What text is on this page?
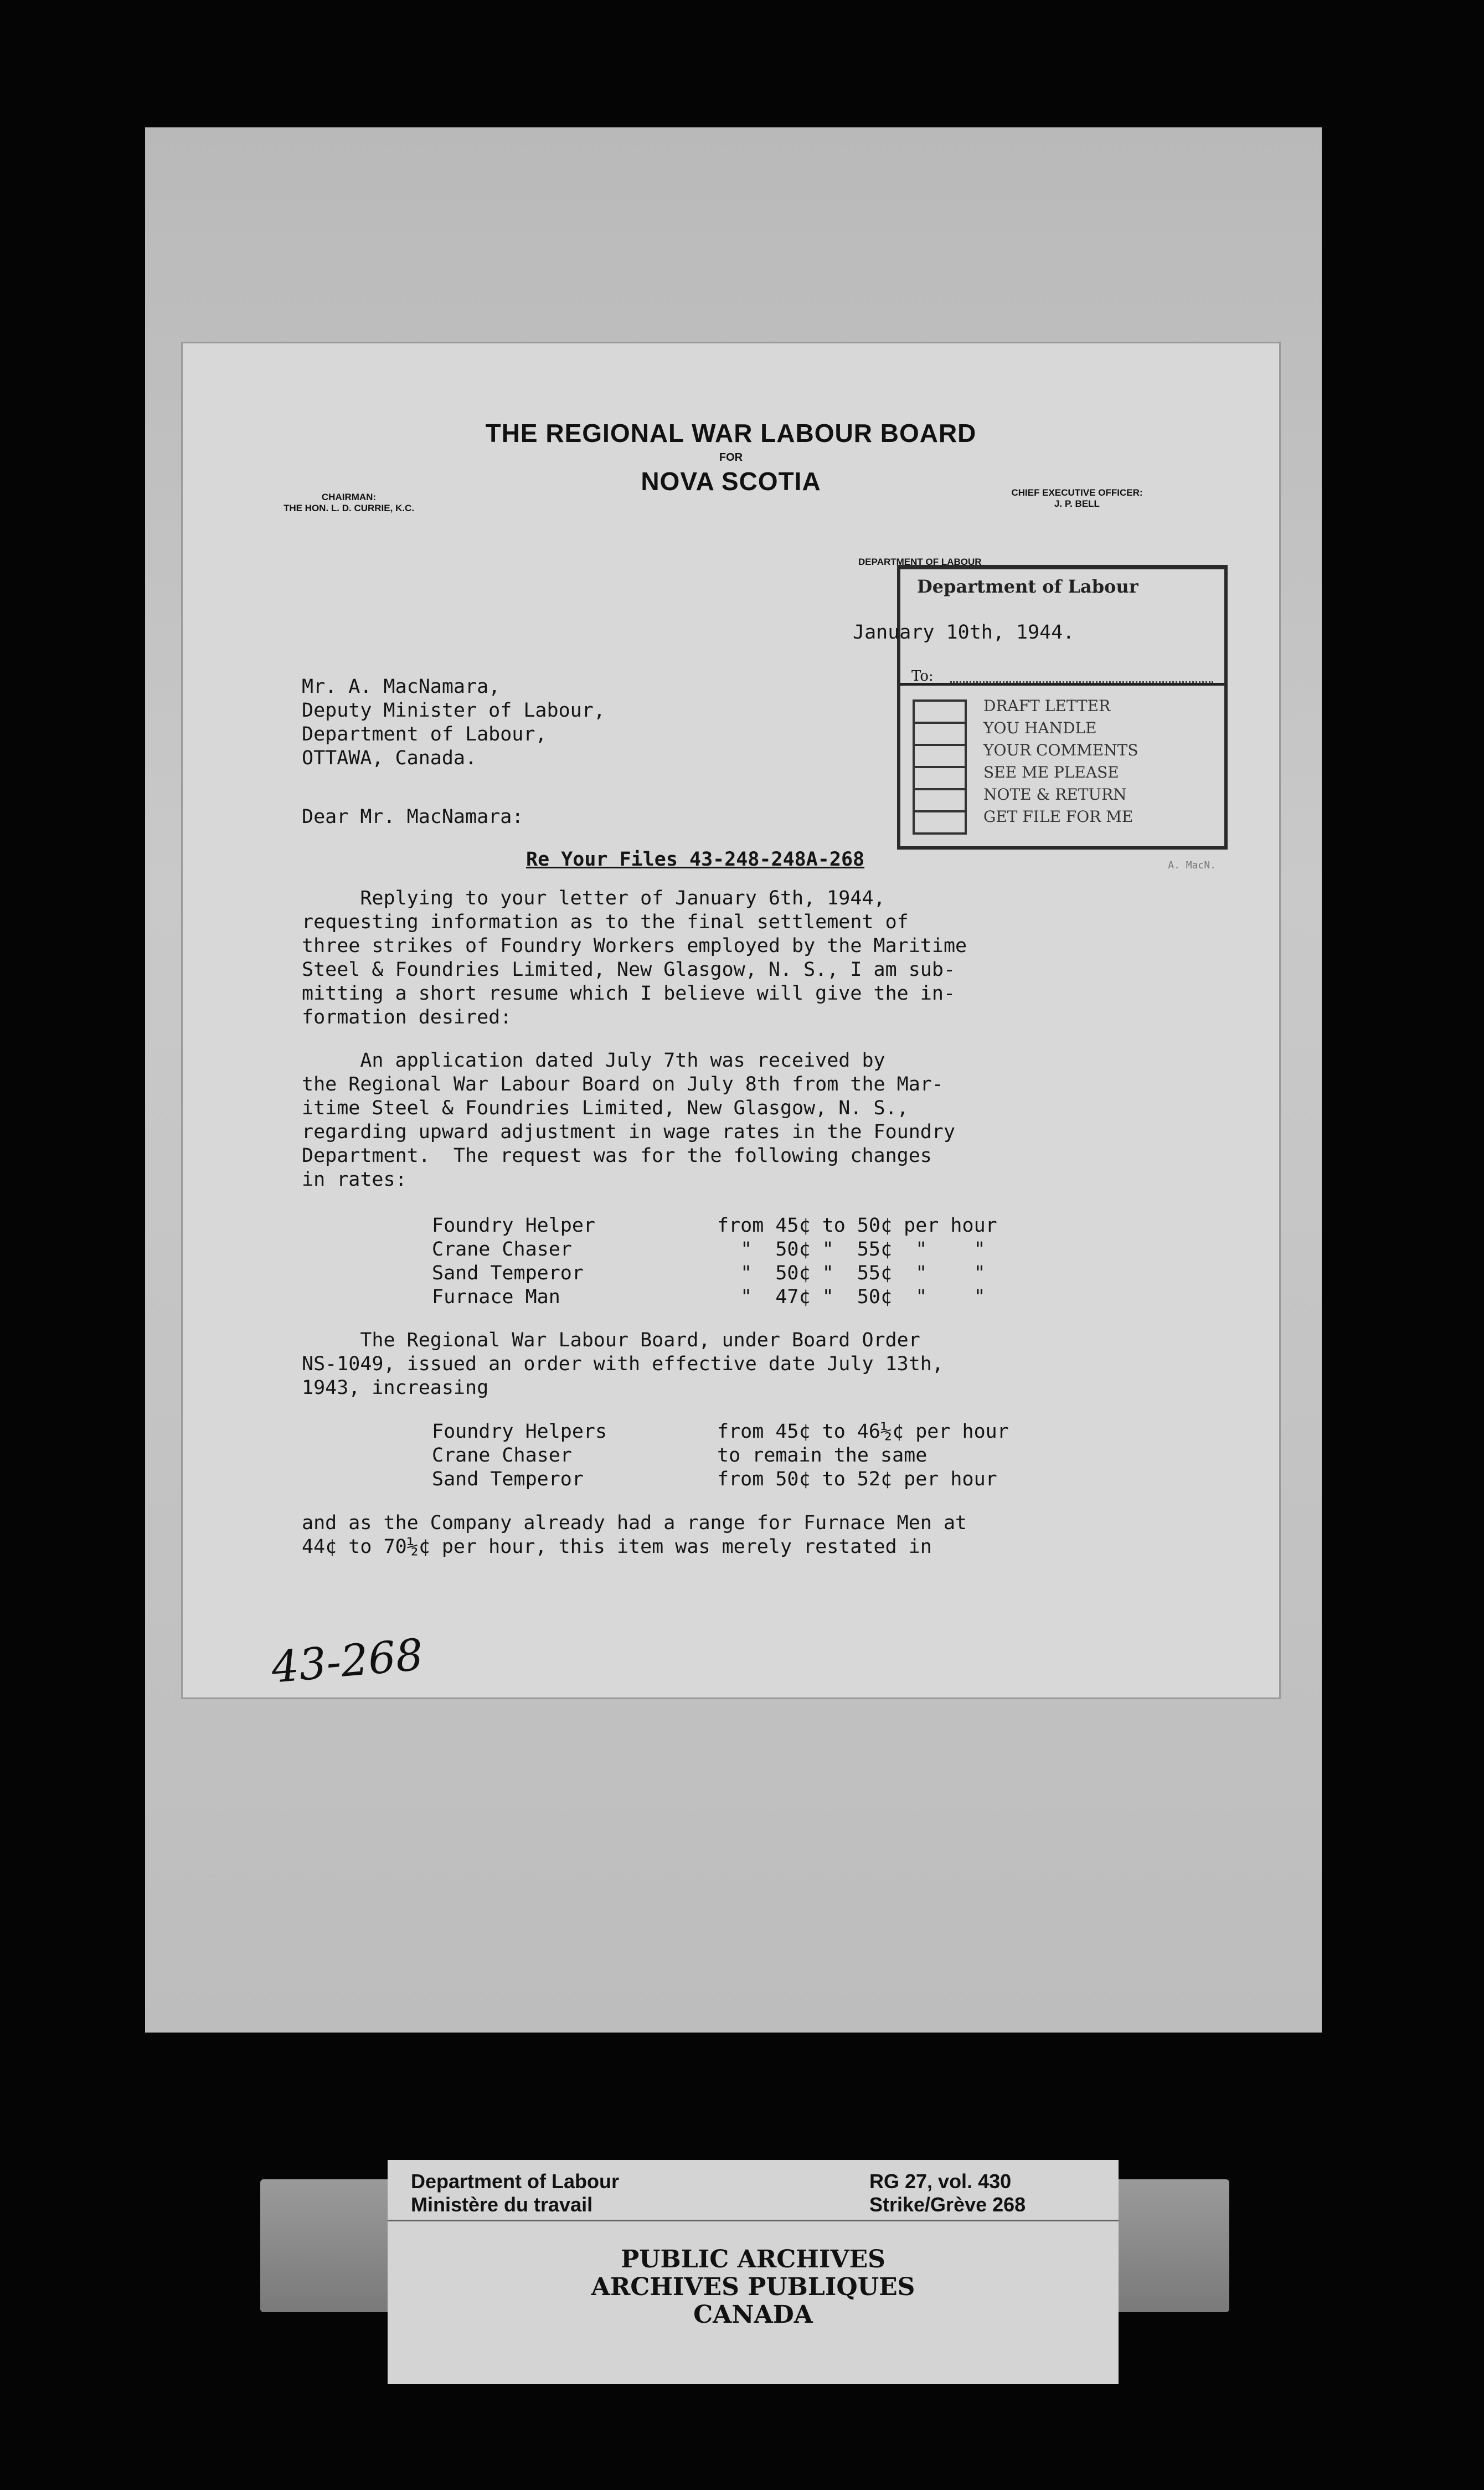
THE REGIONAL WAR LABOUR BOARD
FOR
NOVA SCOTIA
CHAIRMAN:
THE HON. L. D. CURRIE, K.C.
CHIEF EXECUTIVE OFFICER:
J. P. BELL
DEPARTMENT OF LABOUR
Department of Labour
To:
DRAFT LETTER
YOU HANDLE
YOUR COMMENTS
SEE ME PLEASE
NOTE & RETURN
GET FILE FOR ME
A. MacN.
January 10th, 1944.
Mr. A. MacNamara,
Deputy Minister of Labour,
Department of Labour,
OTTAWA, Canada.
Dear Mr. MacNamara:
Re Your Files 43-248-248A-268
Replying to your letter of January 6th, 1944,
requesting information as to the final settlement of
three strikes of Foundry Workers employed by the Maritime
Steel & Foundries Limited, New Glasgow, N. S., I am sub-
mitting a short resume which I believe will give the in-
formation desired:
An application dated July 7th was received by
the Regional War Labour Board on July 8th from the Mar-
itime Steel & Foundries Limited, New Glasgow, N. S.,
regarding upward adjustment in wage rates in the Foundry
Department.  The request was for the following changes
in rates:
Foundry Helper	from 45¢ to 50¢ per hour
Crane Chaser	"  50¢ "  55¢  "    "
Sand Temperor	"  50¢ "  55¢  "    "
Furnace Man	"  47¢ "  50¢  "    "
The Regional War Labour Board, under Board Order
NS-1049, issued an order with effective date July 13th,
1943, increasing
Foundry Helpers	from 45¢ to 46½¢ per hour
Crane Chaser	to remain the same
Sand Temperor	from 50¢ to 52¢ per hour
and as the Company already had a range for Furnace Men at
44¢ to 70½¢ per hour, this item was merely restated in
43-268
Department of Labour
Ministère du travail
RG 27, vol. 430
Strike/Grève 268
PUBLIC ARCHIVES
ARCHIVES PUBLIQUES
CANADA
